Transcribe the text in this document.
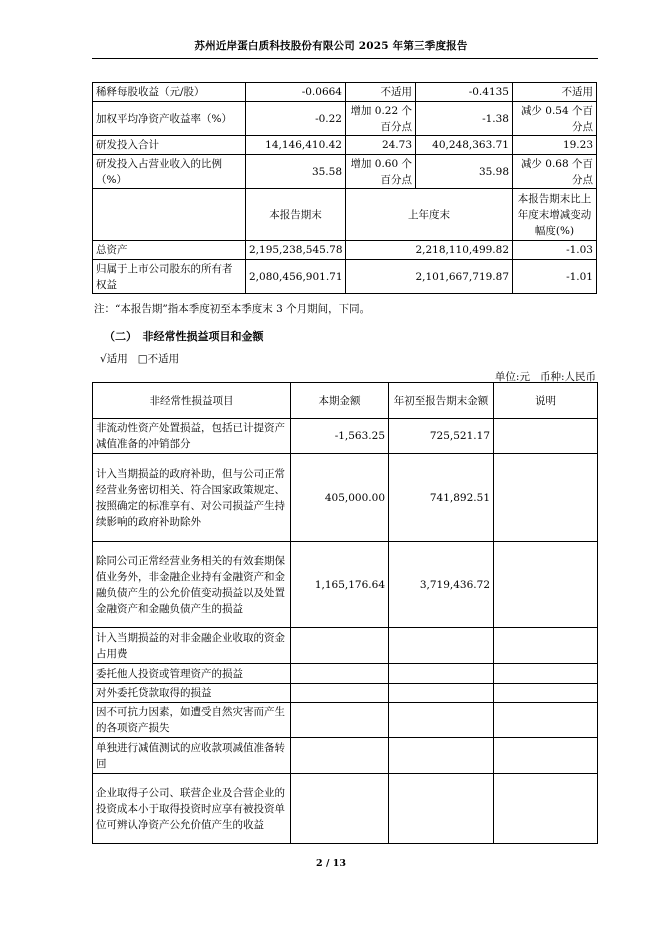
苏州近岸蛋白质科技股份有限公司 2025 年第三季度报告
稀释每股收益（元/股）	-0.0664	不适用	-0.4135	不适用
加权平均净资产收益率（%）	-0.22	增加 0.22 个百分点	-1.38	减少 0.54 个百分点
研发投入合计	14,146,410.42	24.73	40,248,363.71	19.23
研发投入占营业收入的比例（%）	35.58	增加 0.60 个百分点	35.98	减少 0.68 个百分点
	本报告期末	上年度末		本报告期末比上年度末增减变动幅度(%)
总资产	2,195,238,545.78	2,218,110,499.82		-1.03
归属于上市公司股东的所有者权益	2,080,456,901.71	2,101,667,719.87		-1.01
注：“本报告期”指本季度初至本季度末 3 个月期间，下同。
（二）　非经常性损益项目和金额
√适用 □不适用
单位:元 币种:人民币
非经常性损益项目	本期金额	年初至报告期末金额	说明
非流动性资产处置损益，包括已计提资产减值准备的冲销部分	-1,563.25	725,521.17	
计入当期损益的政府补助，但与公司正常经营业务密切相关、符合国家政策规定、按照确定的标准享有、对公司损益产生持续影响的政府补助除外	405,000.00	741,892.51	
除同公司正常经营业务相关的有效套期保值业务外，非金融企业持有金融资产和金融负债产生的公允价值变动损益以及处置金融资产和金融负债产生的损益	1,165,176.64	3,719,436.72	
计入当期损益的对非金融企业收取的资金占用费			
委托他人投资或管理资产的损益			
对外委托贷款取得的损益			
因不可抗力因素，如遭受自然灾害而产生的各项资产损失			
单独进行减值测试的应收款项减值准备转回			
企业取得子公司、联营企业及合营企业的投资成本小于取得投资时应享有被投资单位可辨认净资产公允价值产生的收益			
2 / 13
